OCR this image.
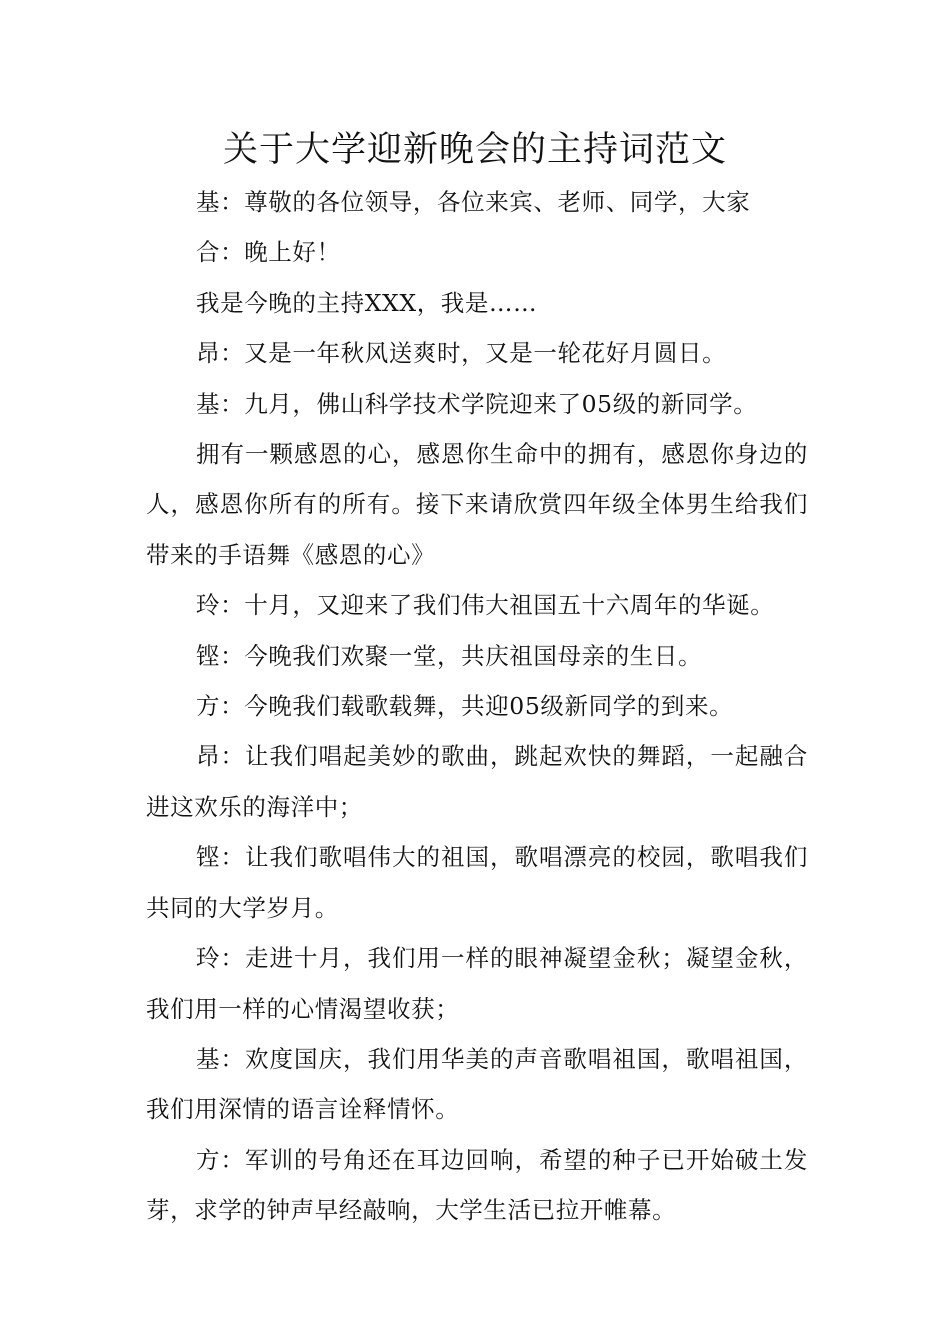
关于大学迎新晚会的主持词范文

基：尊敬的各位领导，各位来宾、老师、同学，大家

合：晚上好！

我是今晚的主持XXX，我是……

昂：又是一年秋风送爽时，又是一轮花好月圆日。

基：九月，佛山科学技术学院迎来了05级的新同学。

拥有一颗感恩的心，感恩你生命中的拥有，感恩你身边的人，感恩你所有的所有。接下来请欣赏四年级全体男生给我们带来的手语舞《感恩的心》

玲：十月，又迎来了我们伟大祖国五十六周年的华诞。

铿：今晚我们欢聚一堂，共庆祖国母亲的生日。

方：今晚我们载歌载舞，共迎05级新同学的到来。

昂：让我们唱起美妙的歌曲，跳起欢快的舞蹈，一起融合进这欢乐的海洋中；

铿：让我们歌唱伟大的祖国，歌唱漂亮的校园，歌唱我们共同的大学岁月。

玲：走进十月，我们用一样的眼神凝望金秋；凝望金秋，我们用一样的心情渴望收获；

基：欢度国庆，我们用华美的声音歌唱祖国，歌唱祖国，我们用深情的语言诠释情怀。

方：军训的号角还在耳边回响，希望的种子已开始破土发芽，求学的钟声早经敲响，大学生活已拉开帷幕。
